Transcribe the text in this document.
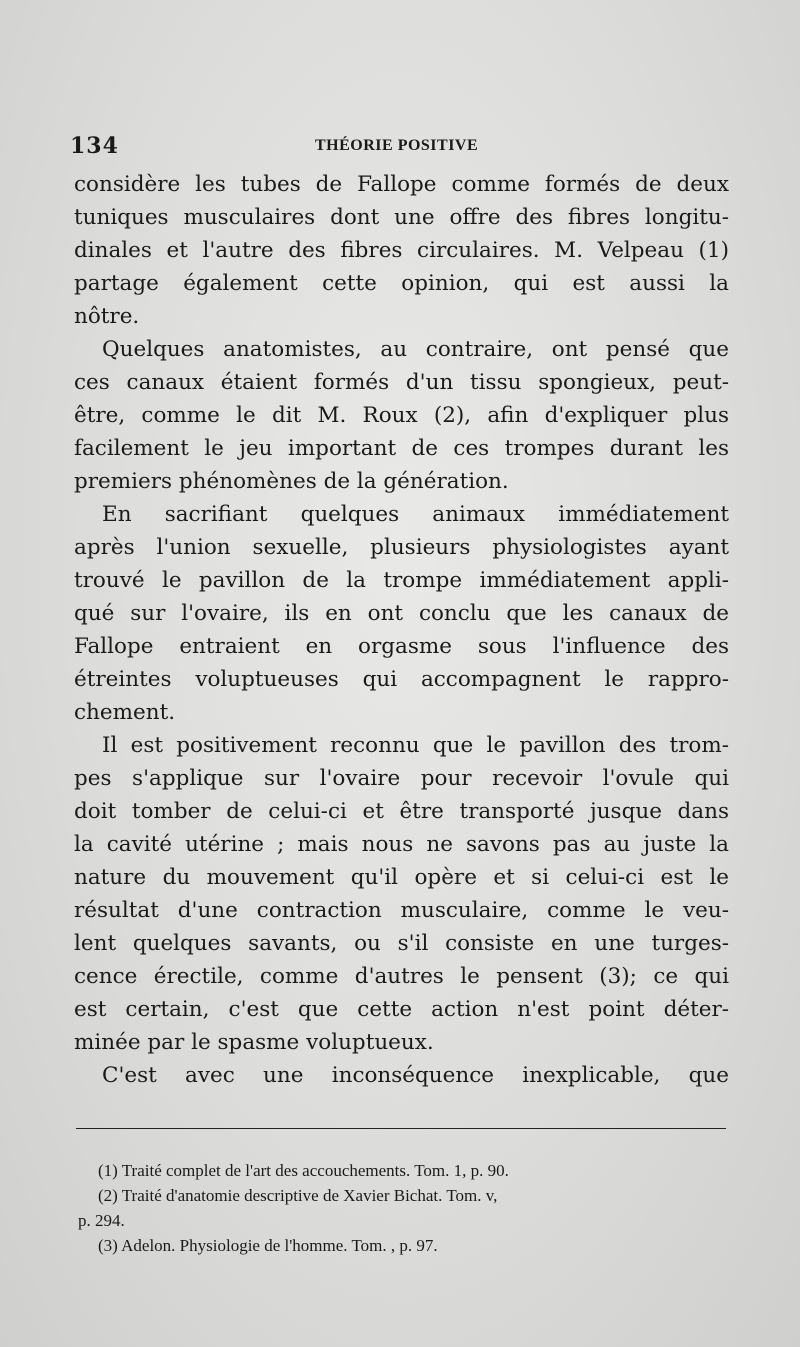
134	THÉORIE POSITIVE
considère les tubes de Fallope comme formés de deux
tuniques musculaires dont une offre des fibres longitu-
dinales et l'autre des fibres circulaires. M. Velpeau (1)
partage également cette opinion, qui est aussi la
nôtre.
Quelques anatomistes, au contraire, ont pensé que
ces canaux étaient formés d'un tissu spongieux, peut-
être, comme le dit M. Roux (2), afin d'expliquer plus
facilement le jeu important de ces trompes durant les
premiers phénomènes de la génération.
En sacrifiant quelques animaux immédiatement
après l'union sexuelle, plusieurs physiologistes ayant
trouvé le pavillon de la trompe immédiatement appli-
qué sur l'ovaire, ils en ont conclu que les canaux de
Fallope entraient en orgasme sous l'influence des
étreintes voluptueuses qui accompagnent le rappro-
chement.
Il est positivement reconnu que le pavillon des trom-
pes s'applique sur l'ovaire pour recevoir l'ovule qui
doit tomber de celui-ci et être transporté jusque dans
la cavité utérine ; mais nous ne savons pas au juste la
nature du mouvement qu'il opère et si celui-ci est le
résultat d'une contraction musculaire, comme le veu-
lent quelques savants, ou s'il consiste en une turges-
cence érectile, comme d'autres le pensent (3); ce qui
est certain, c'est que cette action n'est point déter-
minée par le spasme voluptueux.
C'est avec une inconséquence inexplicable, que
(1) Traité complet de l'art des accouchements. Tom. 1, p. 90.
(2) Traité d'anatomie descriptive de Xavier Bichat. Tom. v,
p. 294.
(3) Adelon. Physiologie de l'homme. Tom. , p. 97.
